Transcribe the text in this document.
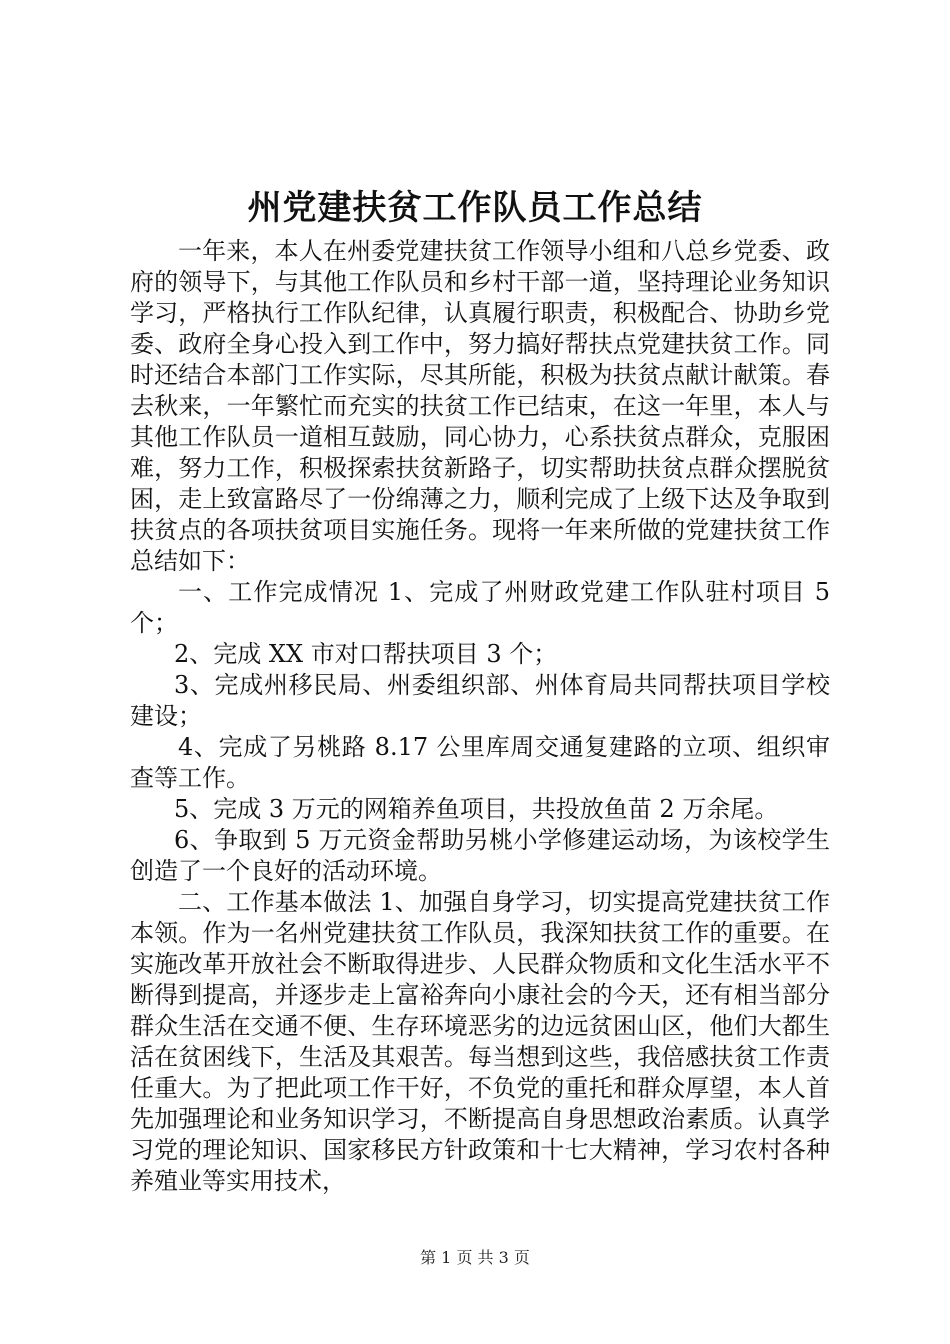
州党建扶贫工作队员工作总结

一年来，本人在州委党建扶贫工作领导小组和八总乡党委、政府的领导下，与其他工作队员和乡村干部一道，坚持理论业务知识学习，严格执行工作队纪律，认真履行职责，积极配合、协助乡党委、政府全身心投入到工作中，努力搞好帮扶点党建扶贫工作。同时还结合本部门工作实际，尽其所能，积极为扶贫点献计献策。春去秋来，一年繁忙而充实的扶贫工作已结束，在这一年里，本人与其他工作队员一道相互鼓励，同心协力，心系扶贫点群众，克服困难，努力工作，积极探索扶贫新路子，切实帮助扶贫点群众摆脱贫困，走上致富路尽了一份绵薄之力，顺利完成了上级下达及争取到扶贫点的各项扶贫项目实施任务。现将一年来所做的党建扶贫工作总结如下：

一、工作完成情况 1、完成了州财政党建工作队驻村项目 5 个；

2、完成 XX 市对口帮扶项目 3 个；

3、完成州移民局、州委组织部、州体育局共同帮扶项目学校建设；

4、完成了另桃路 8.17 公里库周交通复建路的立项、组织审查等工作。

5、完成 3 万元的网箱养鱼项目，共投放鱼苗 2 万余尾。

6、争取到 5 万元资金帮助另桃小学修建运动场，为该校学生创造了一个良好的活动环境。

二、工作基本做法 1、加强自身学习，切实提高党建扶贫工作本领。作为一名州党建扶贫工作队员，我深知扶贫工作的重要。在实施改革开放社会不断取得进步、人民群众物质和文化生活水平不断得到提高，并逐步走上富裕奔向小康社会的今天，还有相当部分群众生活在交通不便、生存环境恶劣的边远贫困山区，他们大都生活在贫困线下，生活及其艰苦。每当想到这些，我倍感扶贫工作责任重大。为了把此项工作干好，不负党的重托和群众厚望，本人首先加强理论和业务知识学习，不断提高自身思想政治素质。认真学习党的理论知识、国家移民方针政策和十七大精神，学习农村各种养殖业等实用技术，

第 1 页 共 3 页
